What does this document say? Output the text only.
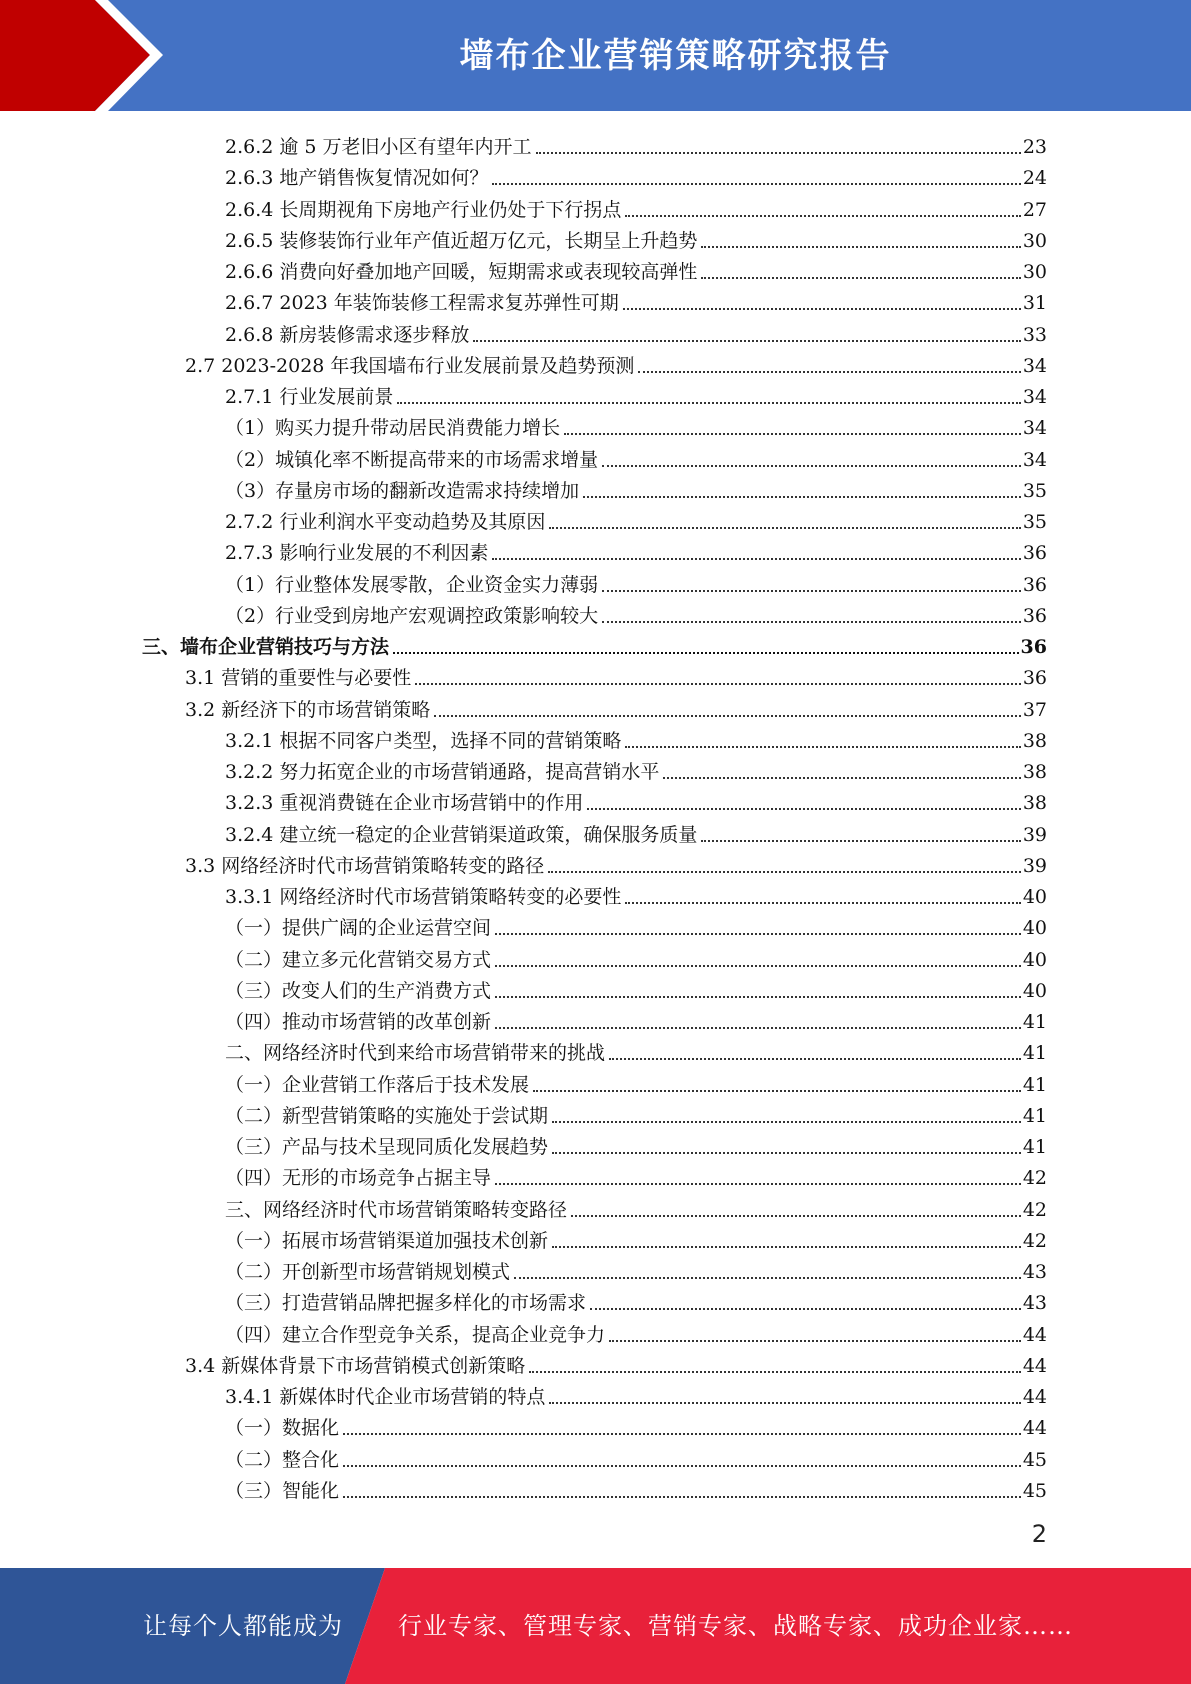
墙布企业营销策略研究报告
2.6.2 逾 5 万老旧小区有望年内开工	23
2.6.3 地产销售恢复情况如何？	24
2.6.4 长周期视角下房地产行业仍处于下行拐点	27
2.6.5 装修装饰行业年产值近超万亿元，长期呈上升趋势	30
2.6.6 消费向好叠加地产回暖，短期需求或表现较高弹性	30
2.6.7 2023 年装饰装修工程需求复苏弹性可期	31
2.6.8 新房装修需求逐步释放	33
2.7 2023-2028 年我国墙布行业发展前景及趋势预测	34
2.7.1 行业发展前景	34
（1）购买力提升带动居民消费能力增长	34
（2）城镇化率不断提高带来的市场需求增量	34
（3）存量房市场的翻新改造需求持续增加	35
2.7.2 行业利润水平变动趋势及其原因	35
2.7.3 影响行业发展的不利因素	36
（1）行业整体发展零散，企业资金实力薄弱	36
（2）行业受到房地产宏观调控政策影响较大	36
三、墙布企业营销技巧与方法	36
3.1 营销的重要性与必要性	36
3.2 新经济下的市场营销策略	37
3.2.1 根据不同客户类型，选择不同的营销策略	38
3.2.2 努力拓宽企业的市场营销通路，提高营销水平	38
3.2.3 重视消费链在企业市场营销中的作用	38
3.2.4 建立统一稳定的企业营销渠道政策，确保服务质量	39
3.3 网络经济时代市场营销策略转变的路径	39
3.3.1 网络经济时代市场营销策略转变的必要性	40
（一）提供广阔的企业运营空间	40
（二）建立多元化营销交易方式	40
（三）改变人们的生产消费方式	40
（四）推动市场营销的改革创新	41
二、网络经济时代到来给市场营销带来的挑战	41
（一）企业营销工作落后于技术发展	41
（二）新型营销策略的实施处于尝试期	41
（三）产品与技术呈现同质化发展趋势	41
（四）无形的市场竞争占据主导	42
三、网络经济时代市场营销策略转变路径	42
（一）拓展市场营销渠道加强技术创新	42
（二）开创新型市场营销规划模式	43
（三）打造营销品牌把握多样化的市场需求	43
（四）建立合作型竞争关系，提高企业竞争力	44
3.4 新媒体背景下市场营销模式创新策略	44
3.4.1 新媒体时代企业市场营销的特点	44
（一）数据化	44
（二）整合化	45
（三）智能化	45
2
让每个人都能成为 行业专家、管理专家、营销专家、战略专家、成功企业家……
